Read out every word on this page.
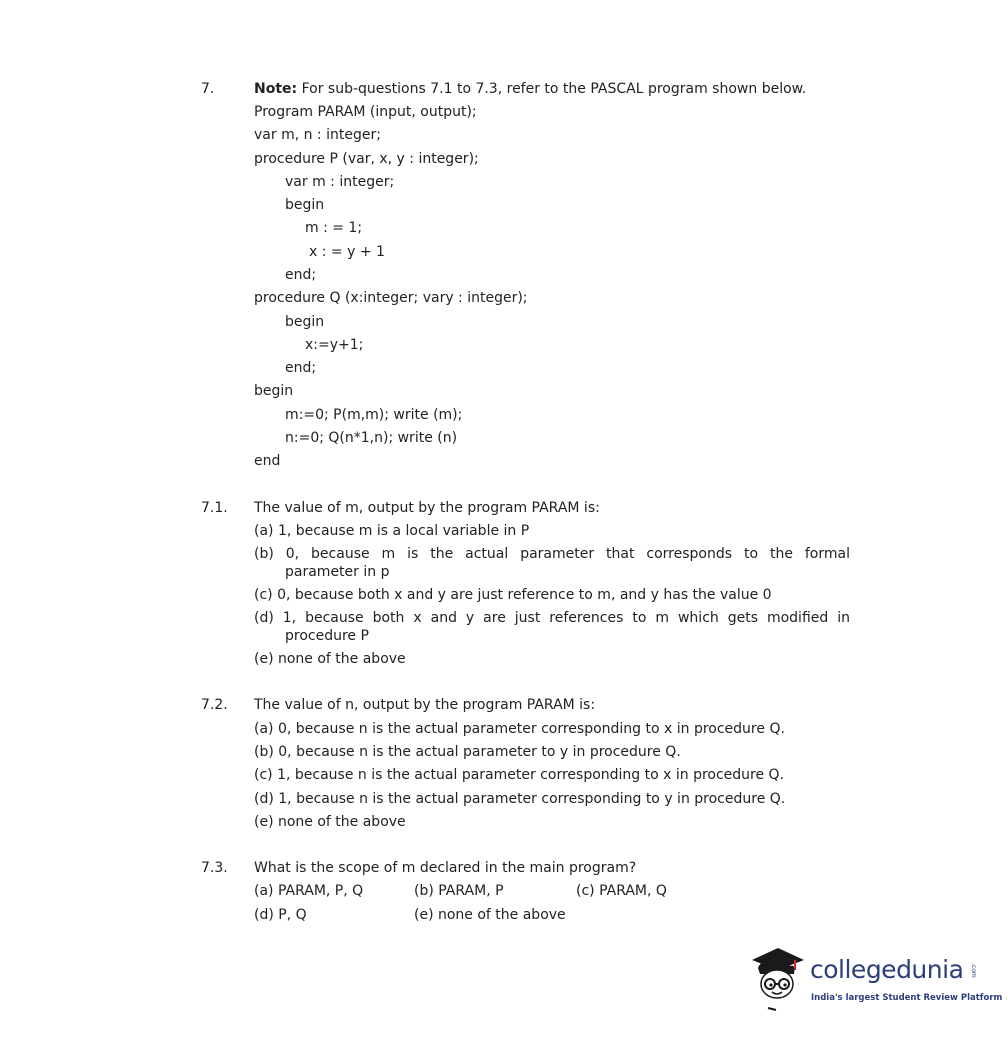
7.	Note: For sub-questions 7.1 to 7.3, refer to the PASCAL program shown below.
Program PARAM (input, output);
var m, n : integer;
procedure P (var, x, y : integer);
var m : integer;
begin
m : = 1;
x : = y + 1
end;
procedure Q (x:integer; vary : integer);
begin
x:=y+1;
end;
begin
m:=0; P(m,m); write (m);
n:=0; Q(n*1,n); write (n)
end
7.1. The value of m, output by the program PARAM is:
(a) 1, because m is a local variable in P
(b) 0, because m is the actual parameter that corresponds to the formal
parameter in p
(c) 0, because both x and y are just reference to m, and y has the value 0
(d) 1, because both x and y are just references to m which gets modified in
procedure P
(e) none of the above
7.2. The value of n, output by the program PARAM is:
(a) 0, because n is the actual parameter corresponding to x in procedure Q.
(b) 0, because n is the actual parameter to y in procedure Q.
(c) 1, because n is the actual parameter corresponding to x in procedure Q.
(d) 1, because n is the actual parameter corresponding to y in procedure Q.
(e) none of the above
7.3. What is the scope of m declared in the main program?
(a) PARAM, P, Q	(b) PARAM, P	(c) PARAM, Q
(d) P, Q	(e) none of the above
collegedunia .com
India's largest Student Review Platform
